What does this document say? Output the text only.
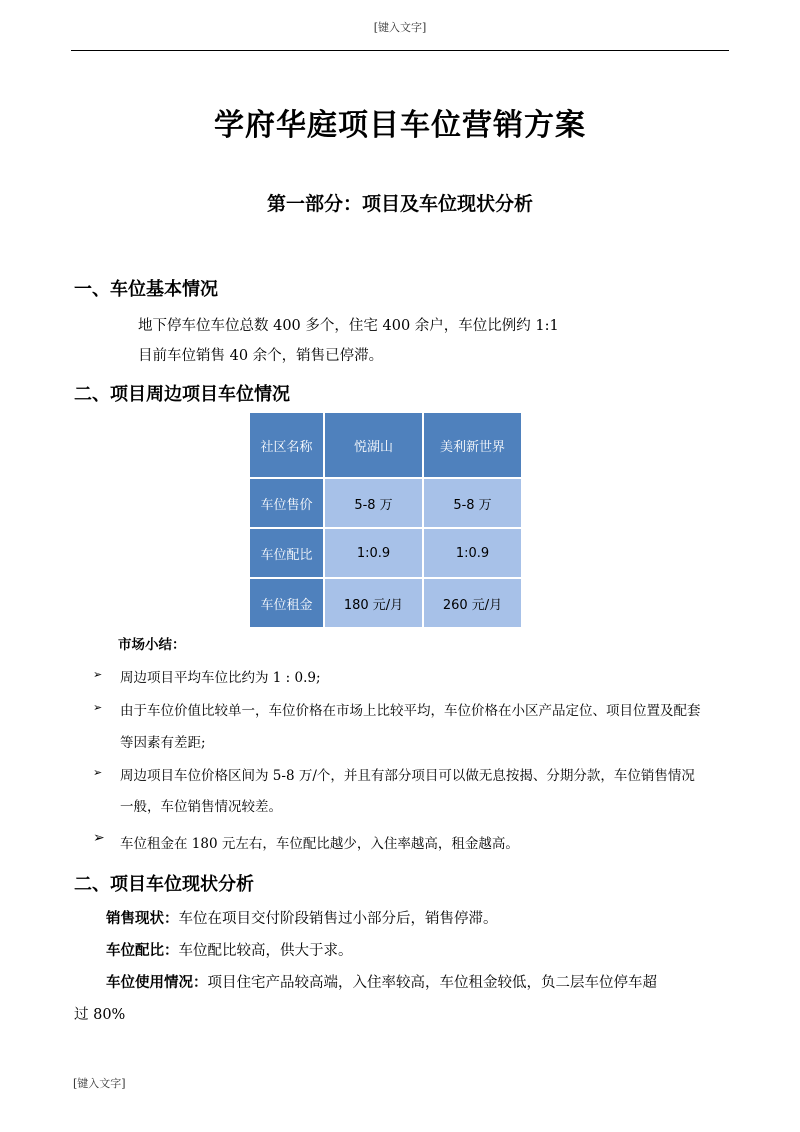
[键入文字]
学府华庭项目车位营销方案
第一部分：项目及车位现状分析
一、车位基本情况
地下停车位车位总数 400 多个，住宅 400 余户，车位比例约 1:1
目前车位销售 40 余个，销售已停滞。
二、项目周边项目车位情况
社区名称	悦湖山	美利新世界
车位售价	5-8 万	5-8 万
车位配比	1:0.9	1:0.9
车位租金	180 元/月	260 元/月
市场小结：
➢ 周边项目平均车位比约为 1 : 0.9;
➢ 由于车位价值比较单一，车位价格在市场上比较平均，车位价格在小区产品定位、项目位置及配套
等因素有差距;
➢ 周边项目车位价格区间为 5-8 万/个，并且有部分项目可以做无息按揭、分期分款，车位销售情况
一般，车位销售情况较差。
➢ 车位租金在 180 元左右，车位配比越少，入住率越高，租金越高。
二、项目车位现状分析
销售现状：车位在项目交付阶段销售过小部分后，销售停滞。
车位配比：车位配比较高，供大于求。
车位使用情况：项目住宅产品较高端，入住率较高，车位租金较低，负二层车位停车超
过 80%
[键入文字]
